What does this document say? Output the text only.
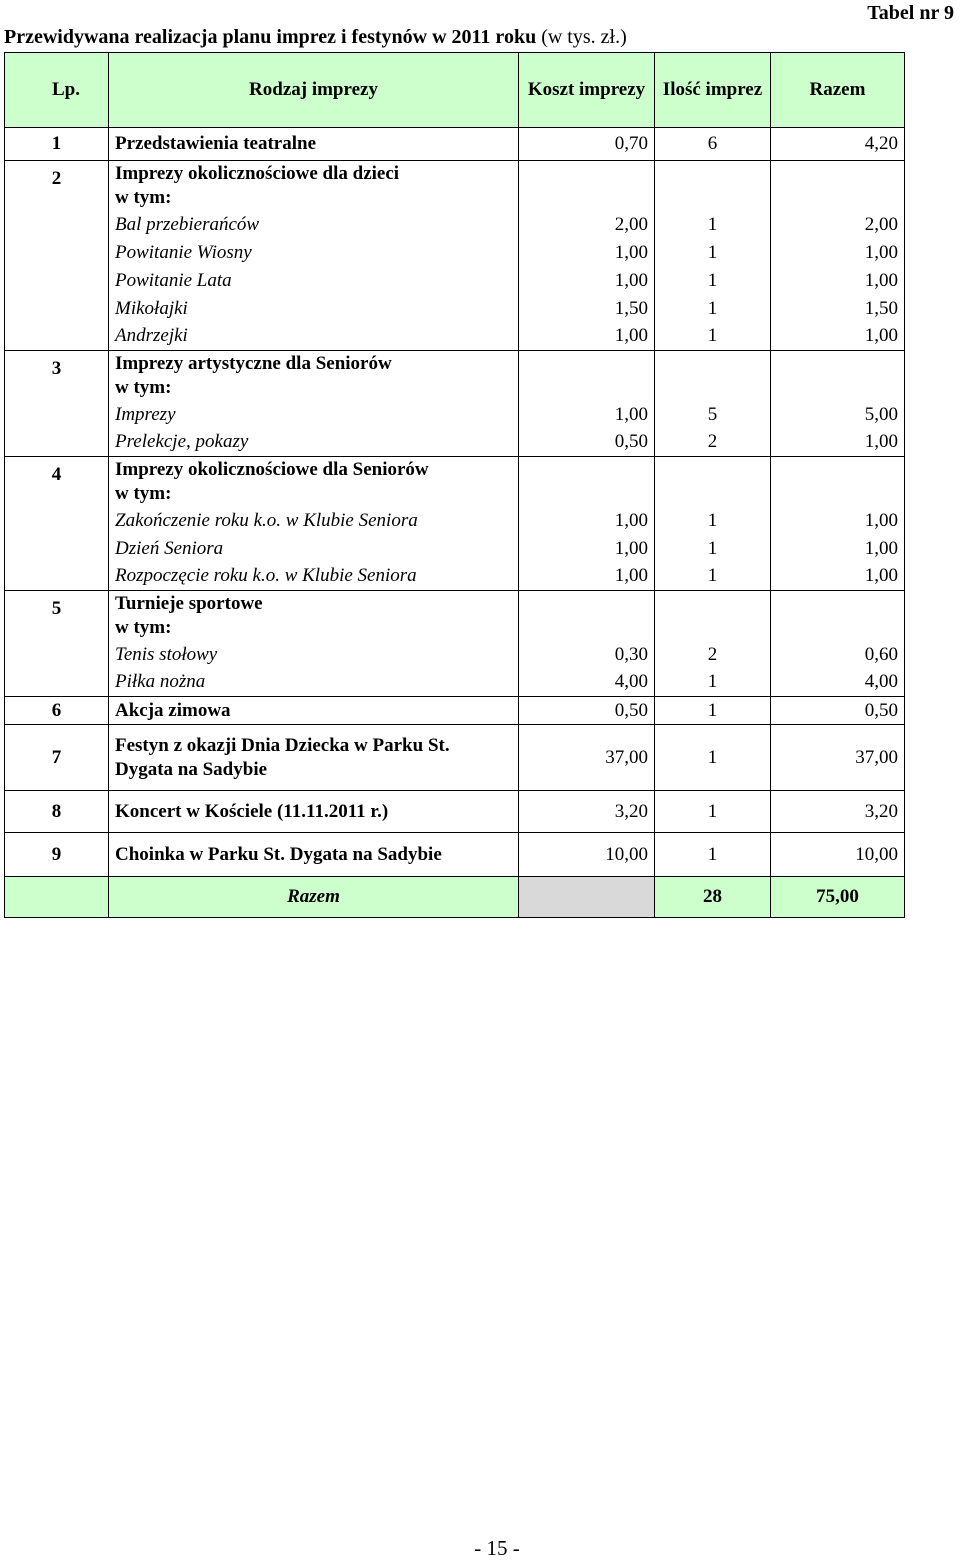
Przewidywana realizacja planu imprez i festynów w 2011 roku (w tys. zł.)
Tabel nr 9
Lp.	Rodzaj imprezy	Koszt imprezy	Ilość imprez	Razem
1	Przedstawienia teatralne	0,70	6	4,20
2	Imprezy okolicznościowe dla dzieci
w tym:			

	Bal przebierańców	2,00	1	2,00

	Powitanie Wiosny	1,00	1	1,00

	Powitanie Lata	1,00	1	1,00

	Mikołajki	1,50	1	1,50

	Andrzejki	1,00	1	1,00
3	Imprezy artystyczne dla Seniorów
w tym:			

	Imprezy	1,00	5	5,00

	Prelekcje, pokazy	0,50	2	1,00
4	Imprezy okolicznościowe dla Seniorów
w tym:			

	Zakończenie roku k.o. w Klubie Seniora	1,00	1	1,00

	Dzień Seniora	1,00	1	1,00

	Rozpoczęcie roku k.o. w Klubie Seniora	1,00	1	1,00
5	Turnieje sportowe
w tym:			

	Tenis stołowy	0,30	2	0,60

	Piłka nożna	4,00	1	4,00
6	Akcja zimowa	0,50	1	0,50
7	Festyn z okazji Dnia Dziecka w Parku St. Dygata na Sadybie	37,00	1	37,00
8	Koncert w Kościele (11.11.2011 r.)	3,20	1	3,20
9	Choinka w Parku St. Dygata na Sadybie	10,00	1	10,00
	Razem		28	75,00
- 15 -
